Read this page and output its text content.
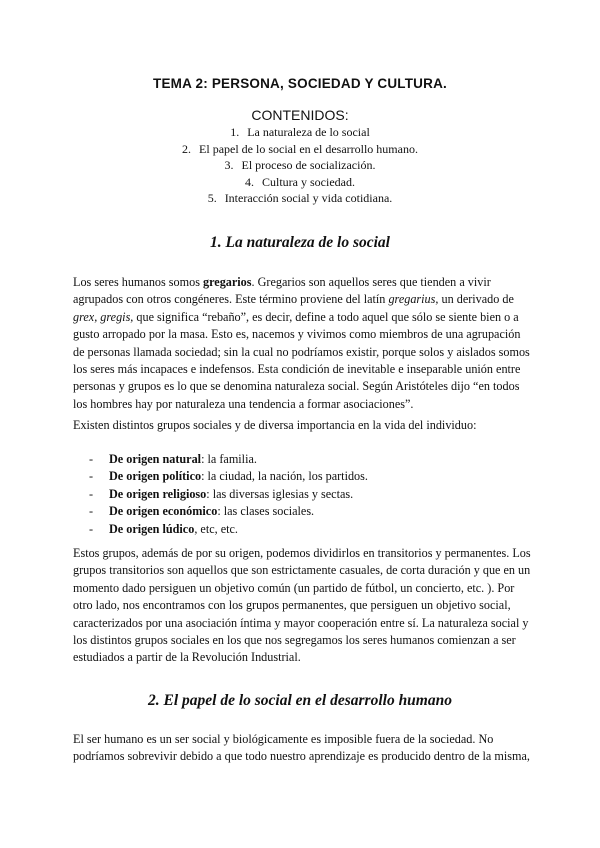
TEMA 2: PERSONA, SOCIEDAD Y CULTURA.
CONTENIDOS:
1. La naturaleza de lo social
2. El papel de lo social en el desarrollo humano.
3. El proceso de socialización.
4. Cultura y sociedad.
5. Interacción social y vida cotidiana.
1. La naturaleza de lo social

Los seres humanos somos gregarios. Gregarios son aquellos seres que tienden a vivir agrupados con otros congéneres. Este término proviene del latín gregarius, un derivado de grex, gregis, que significa “rebaño”, es decir, define a todo aquel que sólo se siente bien o a gusto arropado por la masa. Esto es, nacemos y vivimos como miembros de una agrupación de personas llamada sociedad; sin la cual no podríamos existir, porque solos y aislados somos los seres más incapaces e indefensos. Esta condición de inevitable e inseparable unión entre personas y grupos es lo que se denomina naturaleza social. Según Aristóteles dijo “en todos los hombres hay por naturaleza una tendencia a formar asociaciones”.

Existen distintos grupos sociales y de diversa importancia en la vida del individuo:

- De origen natural: la familia.
- De origen político: la ciudad, la nación, los partidos.
- De origen religioso: las diversas iglesias y sectas.
- De origen económico: las clases sociales.
- De origen lúdico, etc, etc.

Estos grupos, además de por su origen, podemos dividirlos en transitorios y permanentes. Los grupos transitorios son aquellos que son estrictamente casuales, de corta duración y que en un momento dado persiguen un objetivo común (un partido de fútbol, un concierto, etc. ). Por otro lado, nos encontramos con los grupos permanentes, que persiguen un objetivo social, caracterizados por una asociación íntima y mayor cooperación entre sí. La naturaleza social y los distintos grupos sociales en los que nos segregamos los seres humanos comienzan a ser estudiados a partir de la Revolución Industrial.

2. El papel de lo social en el desarrollo humano

El ser humano es un ser social y biológicamente es imposible fuera de la sociedad. No podríamos sobrevivir debido a que todo nuestro aprendizaje es producido dentro de la misma,
